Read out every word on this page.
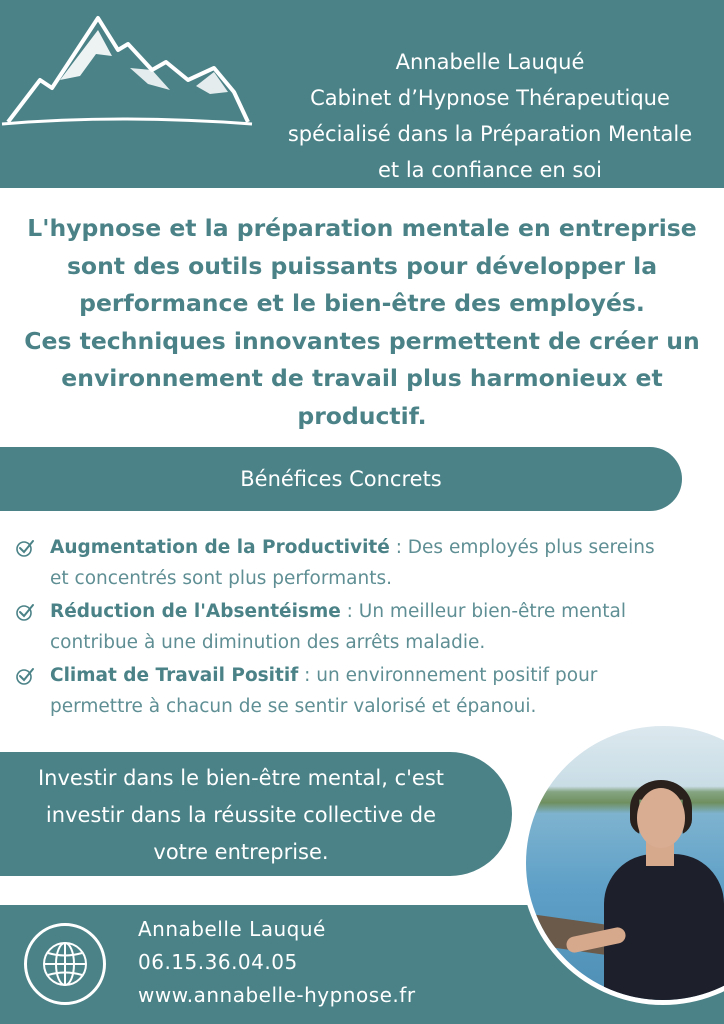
Annabelle Lauqué
Cabinet d’Hypnose Thérapeutique
spécialisé dans la Préparation Mentale
et la confiance en soi
L'hypnose et la préparation mentale en entreprise
sont des outils puissants pour développer la
performance et le bien-être des employés.
Ces techniques innovantes permettent de créer un
environnement de travail plus harmonieux et
productif.
Bénéfices Concrets
Augmentation de la Productivité : Des employés plus sereins
et concentrés sont plus performants.
Réduction de l'Absentéisme : Un meilleur bien-être mental
contribue à une diminution des arrêts maladie.
Climat de Travail Positif : un environnement positif pour
permettre à chacun de se sentir valorisé et épanoui.
Investir dans le bien-être mental, c'est
investir dans la réussite collective de
votre entreprise.
Annabelle Lauqué
06.15.36.04.05
www.annabelle-hypnose.fr
